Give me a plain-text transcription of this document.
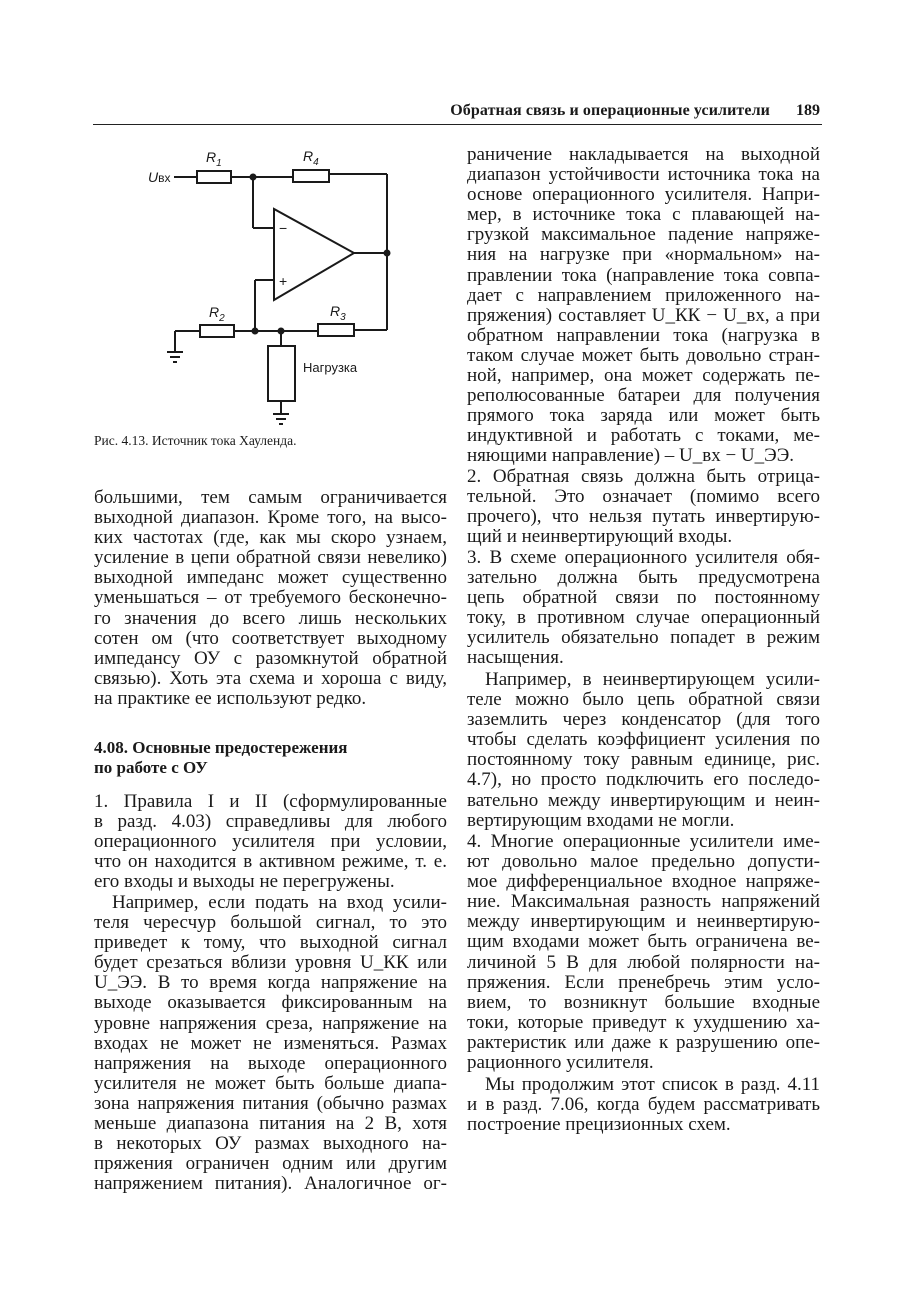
Обратная связь и операционные усилители 189
$R_1$	$R_4$
$R_2$	$R_3$
Uвх
Нагрузка
−
+
Рис. 4.13. Источник тока Хауленда.
большими, тем самым ограничивается
выходной диапазон. Кроме того, на высо-
ких частотах (где, как мы скоро узнаем,
усиление в цепи обратной связи невелико)
выходной импеданс может существенно
уменьшаться – от требуемого бесконечно-
го значения до всего лишь нескольких
сотен ом (что соответствует выходному
импедансу ОУ с разомкнутой обратной
связью). Хоть эта схема и хороша с виду,
на практике ее используют редко.
4.08. Основные предостережения
по работе с ОУ
1. Правила I и II (сформулированные
в разд. 4.03) справедливы для любого
операционного усилителя при условии,
что он находится в активном режиме, т. е.
его входы и выходы не перегружены.
Например, если подать на вход усили-
теля чересчур большой сигнал, то это
приведет к тому, что выходной сигнал
будет срезаться вблизи уровня U_КК или
U_ЭЭ. В то время когда напряжение на
выходе оказывается фиксированным на
уровне напряжения среза, напряжение на
входах не может не изменяться. Размах
напряжения на выходе операционного
усилителя не может быть больше диапа-
зона напряжения питания (обычно размах
меньше диапазона питания на 2 В, хотя
в некоторых ОУ размах выходного на-
пряжения ограничен одним или другим
напряжением питания). Аналогичное ог-
раничение накладывается на выходной
диапазон устойчивости источника тока на
основе операционного усилителя. Напри-
мер, в источнике тока с плавающей на-
грузкой максимальное падение напряже-
ния на нагрузке при «нормальном» на-
правлении тока (направление тока совпа-
дает с направлением приложенного на-
пряжения) составляет U_КК − U_вх, а при
обратном направлении тока (нагрузка в
таком случае может быть довольно стран-
ной, например, она может содержать пе-
реполюсованные батареи для получения
прямого тока заряда или может быть
индуктивной и работать с токами, ме-
няющими направление) – U_вх − U_ЭЭ.
2. Обратная связь должна быть отрица-
тельной. Это означает (помимо всего
прочего), что нельзя путать инвертирую-
щий и неинвертирующий входы.
3. В схеме операционного усилителя обя-
зательно должна быть предусмотрена
цепь обратной связи по постоянному
току, в противном случае операционный
усилитель обязательно попадет в режим
насыщения.
Например, в неинвертирующем усили-
теле можно было цепь обратной связи
заземлить через конденсатор (для того
чтобы сделать коэффициент усиления по
постоянному току равным единице, рис.
4.7), но просто подключить его последо-
вательно между инвертирующим и неин-
вертирующим входами не могли.
4. Многие операционные усилители име-
ют довольно малое предельно допусти-
мое дифференциальное входное напряже-
ние. Максимальная разность напряжений
между инвертирующим и неинвертирую-
щим входами может быть ограничена ве-
личиной 5 В для любой полярности на-
пряжения. Если пренебречь этим усло-
вием, то возникнут большие входные
токи, которые приведут к ухудшению ха-
рактеристик или даже к разрушению опе-
рационного усилителя.
Мы продолжим этот список в разд. 4.11
и в разд. 7.06, когда будем рассматривать
построение прецизионных схем.
